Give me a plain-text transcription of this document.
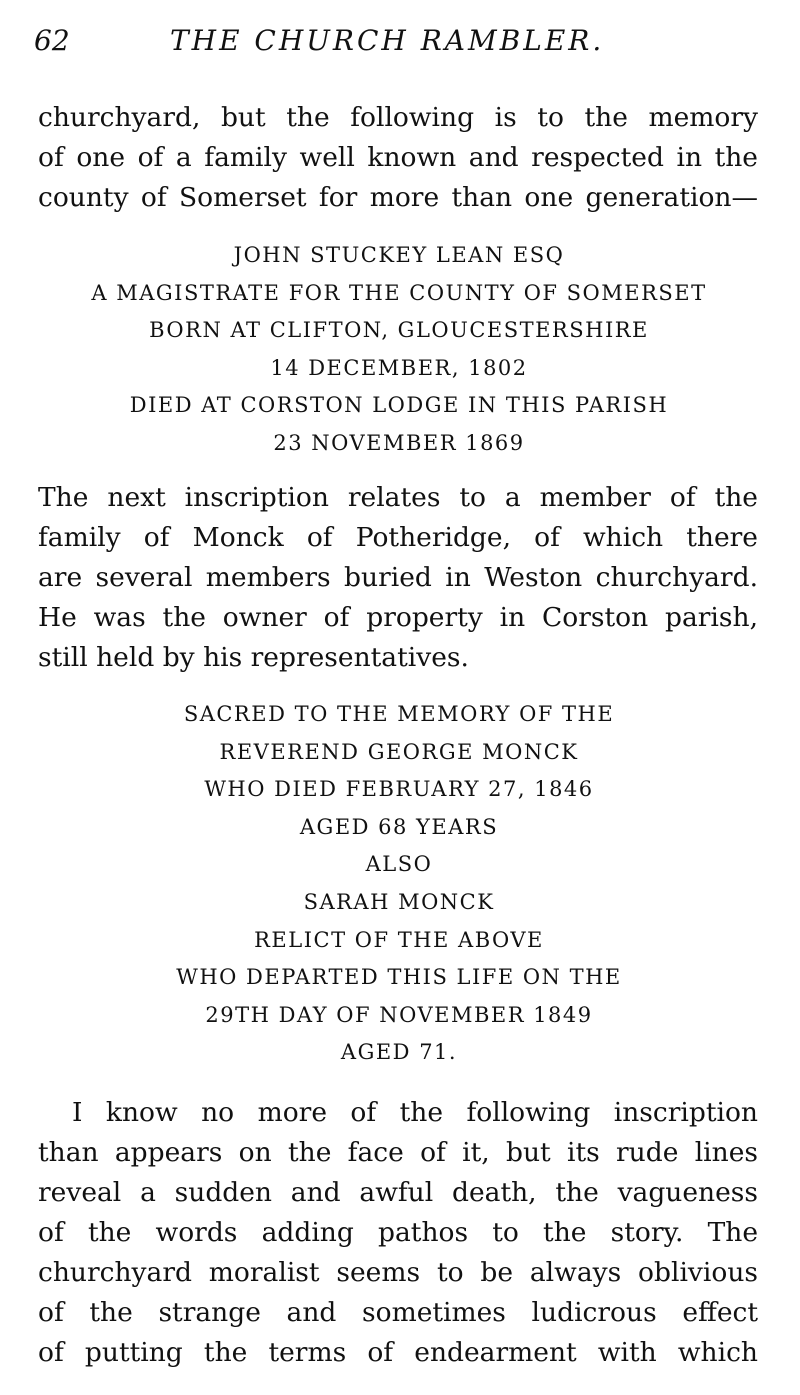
62	THE CHURCH RAMBLER.

churchyard, but the following is to the memory
of one of a family well known and respected in the
county of Somerset for more than one generation—

JOHN STUCKEY LEAN ESQ
A MAGISTRATE FOR THE COUNTY OF SOMERSET
BORN AT CLIFTON, GLOUCESTERSHIRE
14 DECEMBER, 1802
DIED AT CORSTON LODGE IN THIS PARISH
23 NOVEMBER 1869

The next inscription relates to a member of the
family of Monck of Potheridge, of which there
are several members buried in Weston churchyard.
He was the owner of property in Corston parish,
still held by his representatives.

SACRED TO THE MEMORY OF THE
REVEREND GEORGE MONCK
WHO DIED FEBRUARY 27, 1846
AGED 68 YEARS
ALSO
SARAH MONCK
RELICT OF THE ABOVE
WHO DEPARTED THIS LIFE ON THE
29TH DAY OF NOVEMBER 1849
AGED 71.

I know no more of the following inscription
than appears on the face of it, but its rude lines
reveal a sudden and awful death, the vagueness
of the words adding pathos to the story. The
churchyard moralist seems to be always oblivious
of the strange and sometimes ludicrous effect
of putting the terms of endearment with which
